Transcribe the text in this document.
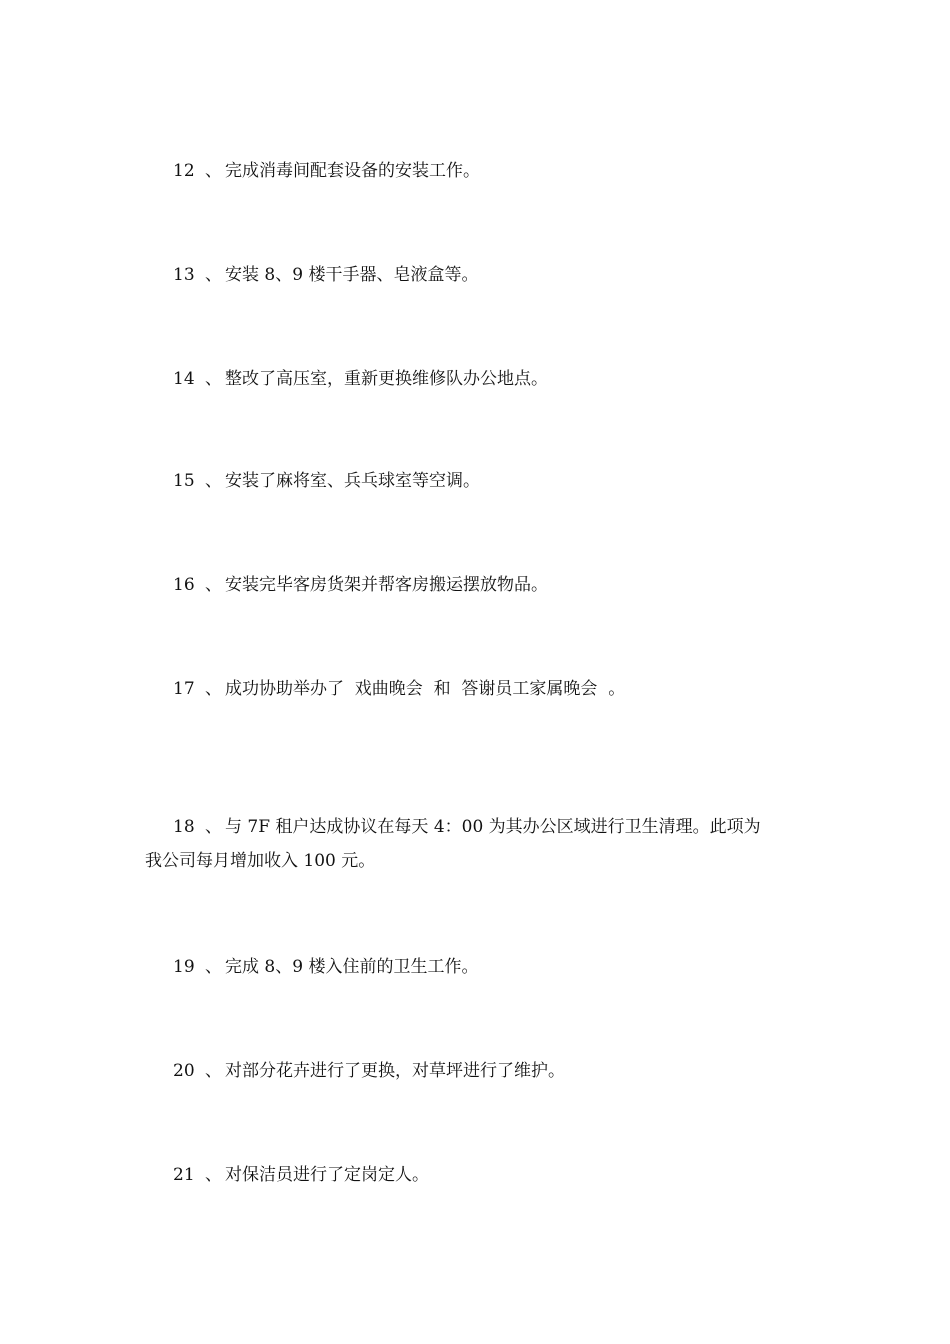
12 、 完成消毒间配套设备的安装工作。
13 、 安装 8、9 楼干手器、皂液盒等。
14 、 整改了高压室，重新更换维修队办公地点。
15 、 安装了麻将室、兵乓球室等空调。
16 、 安装完毕客房货架并帮客房搬运摆放物品。
17 、 成功协助举办了  戏曲晚会  和  答谢员工家属晚会  。
18 、 与 7F 租户达成协议在每天 4：00 为其办公区域进行卫生清理。此项为
我公司每月增加收入 100 元。
19 、 完成 8、9 楼入住前的卫生工作。
20 、 对部分花卉进行了更换，对草坪进行了维护。
21 、 对保洁员进行了定岗定人。
